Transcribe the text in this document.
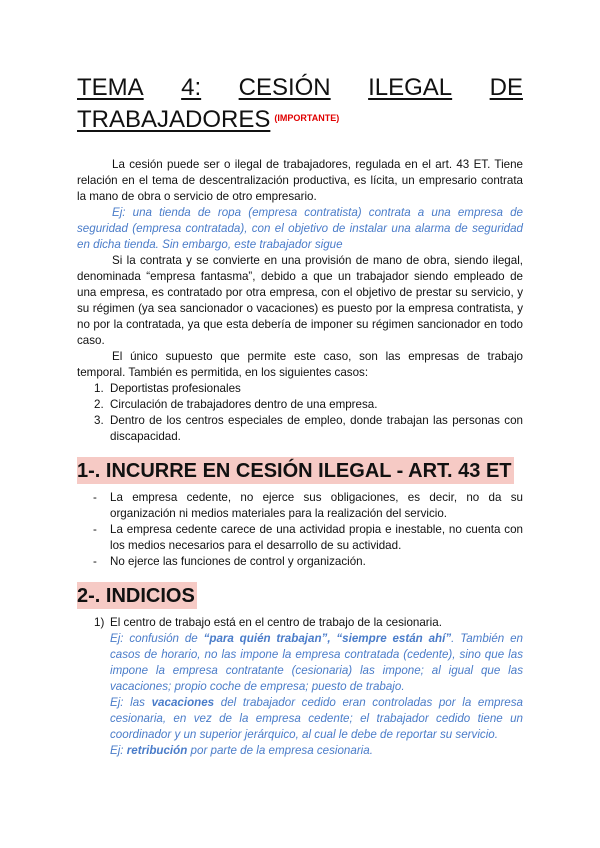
TEMA 4: CESIÓN ILEGAL DE
TRABAJADORES (IMPORTANTE)

La cesión puede ser o ilegal de trabajadores, regulada en el art. 43 ET. Tiene relación en el tema de descentralización productiva, es lícita, un empresario contrata la mano de obra o servicio de otro empresario.

Ej: una tienda de ropa (empresa contratista) contrata a una empresa de seguridad (empresa contratada), con el objetivo de instalar una alarma de seguridad en dicha tienda. Sin embargo, este trabajador sigue

Si la contrata y se convierte en una provisión de mano de obra, siendo ilegal, denominada “empresa fantasma”, debido a que un trabajador siendo empleado de una empresa, es contratado por otra empresa, con el objetivo de prestar su servicio, y su régimen (ya sea sancionador o vacaciones) es puesto por la empresa contratista, y no por la contratada, ya que esta debería de imponer su régimen sancionador en todo caso.

El único supuesto que permite este caso, son las empresas de trabajo temporal. También es permitida, en los siguientes casos:

1. Deportistas profesionales
2. Circulación de trabajadores dentro de una empresa.
3. Dentro de los centros especiales de empleo, donde trabajan las personas con discapacidad.
1-. INCURRE EN CESIÓN ILEGAL - ART. 43 ET
- La empresa cedente, no ejerce sus obligaciones, es decir, no da su organización ni medios materiales para la realización del servicio.
- La empresa cedente carece de una actividad propia e inestable, no cuenta con los medios necesarios para el desarrollo de su actividad.
- No ejerce las funciones de control y organización.
2-. INDICIOS
1) El centro de trabajo está en el centro de trabajo de la cesionaria.

Ej: confusión de “para quién trabajan”, “siempre están ahí”. También en casos de horario, no las impone la empresa contratada (cedente), sino que las impone la empresa contratante (cesionaria) las impone; al igual que las vacaciones; propio coche de empresa; puesto de trabajo.

Ej: las vacaciones del trabajador cedido eran controladas por la empresa cesionaria, en vez de la empresa cedente; el trabajador cedido tiene un coordinador y un superior jerárquico, al cual le debe de reportar su servicio.

Ej: retribución por parte de la empresa cesionaria.
